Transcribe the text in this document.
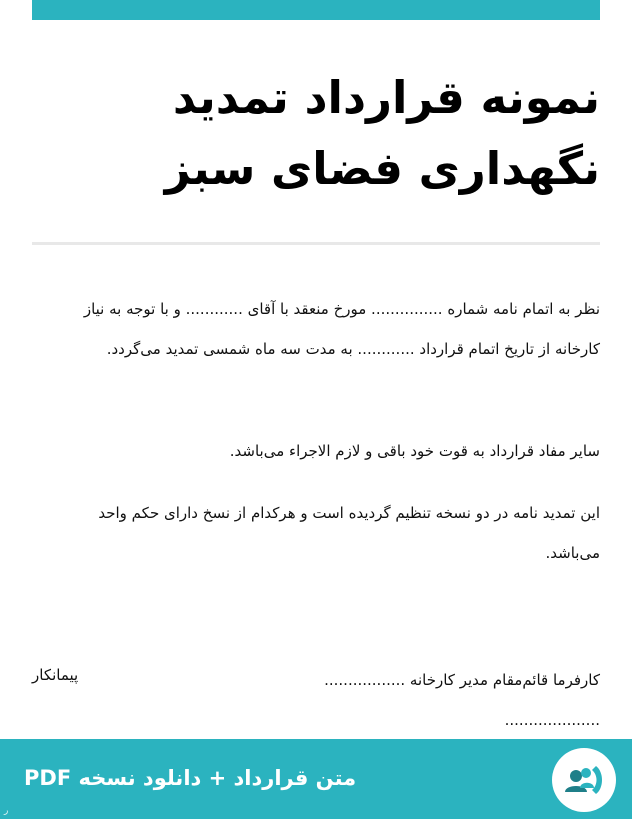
نمونه قرارداد تمدید
نگهداری فضای سبز

نظر به اتمام نامه شماره ............... مورخ منعقد با آقای ............ و با توجه به نیاز کارخانه از تاریخ اتمام قرارداد ............ به مدت سه ماه شمسی تمدید می‌گردد.

سایر مفاد قرارداد به قوت خود باقی و لازم الاجراء می‌باشد.

این تمدید نامه در دو نسخه تنظیم گردیده است و هرکدام از نسخ دارای حکم واحد می‌باشد.

کارفرما قائم‌مقام مدیر کارخانه ................. ....................
پیمانکار
متن قرارداد + دانلود نسخه PDF
ر
